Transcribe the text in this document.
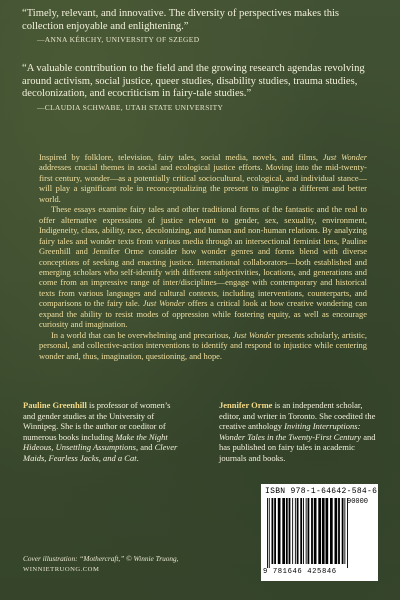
“Timely, relevant, and innovative. The diversity of perspectives makes this collection enjoyable and enlightening.”
—ANNA KÉRCHY, UNIVERSITY OF SZEGED
“A valuable contribution to the field and the growing research agendas revolving around activism, social justice, queer studies, disability studies, trauma studies, decolonization, and ecocriticism in fairy-tale studies.”
—CLAUDIA SCHWABE, UTAH STATE UNIVERSITY

Inspired by folklore, television, fairy tales, social media, novels, and films, Just Wonder addresses crucial themes in social and ecological justice efforts. Moving into the mid-twenty-first century, wonder—as a potentially critical sociocultural, ecological, and individual stance—will play a significant role in reconceptualizing the present to imagine a different and better world.

These essays examine fairy tales and other traditional forms of the fantastic and the real to offer alternative expressions of justice relevant to gender, sex, sexuality, environment, Indigeneity, class, ability, race, decolonizing, and human and non-human relations. By analyzing fairy tales and wonder texts from various media through an intersectional feminist lens, Pauline Greenhill and Jennifer Orme consider how wonder genres and forms blend with diverse conceptions of seeking and enacting justice. International collaborators—both established and emerging scholars who self-identify with different subjectivities, locations, and generations and come from an impressive range of inter/disciplines—engage with contemporary and historical texts from various languages and cultural contexts, including interventions, counterparts, and comparisons to the fairy tale. Just Wonder offers a critical look at how creative wondering can expand the ability to resist modes of oppression while fostering equity, as well as encourage curiosity and imagination.

In a world that can be overwhelming and precarious, Just Wonder presents scholarly, artistic, personal, and collective-action interventions to identify and respond to injustice while centering wonder and, thus, imagination, questioning, and hope.

Pauline Greenhill is professor of women’s and gender studies at the University of Winnipeg. She is the author or coeditor of numerous books including Make the Night Hideous, Unsettling Assumptions, and Clever Maids, Fearless Jacks, and a Cat.
Jennifer Orme is an independent scholar, editor, and writer in Toronto. She coedited the creative anthology Inviting Interruptions: Wonder Tales in the Twenty-First Century and has published on fairy tales in academic journals and books.
Cover illustration: “Mothercraft,” © Winnie Truong,
WINNIETRUONG.COM
ISBN 978-1-64642-584-6
90000
9 781646 425846
